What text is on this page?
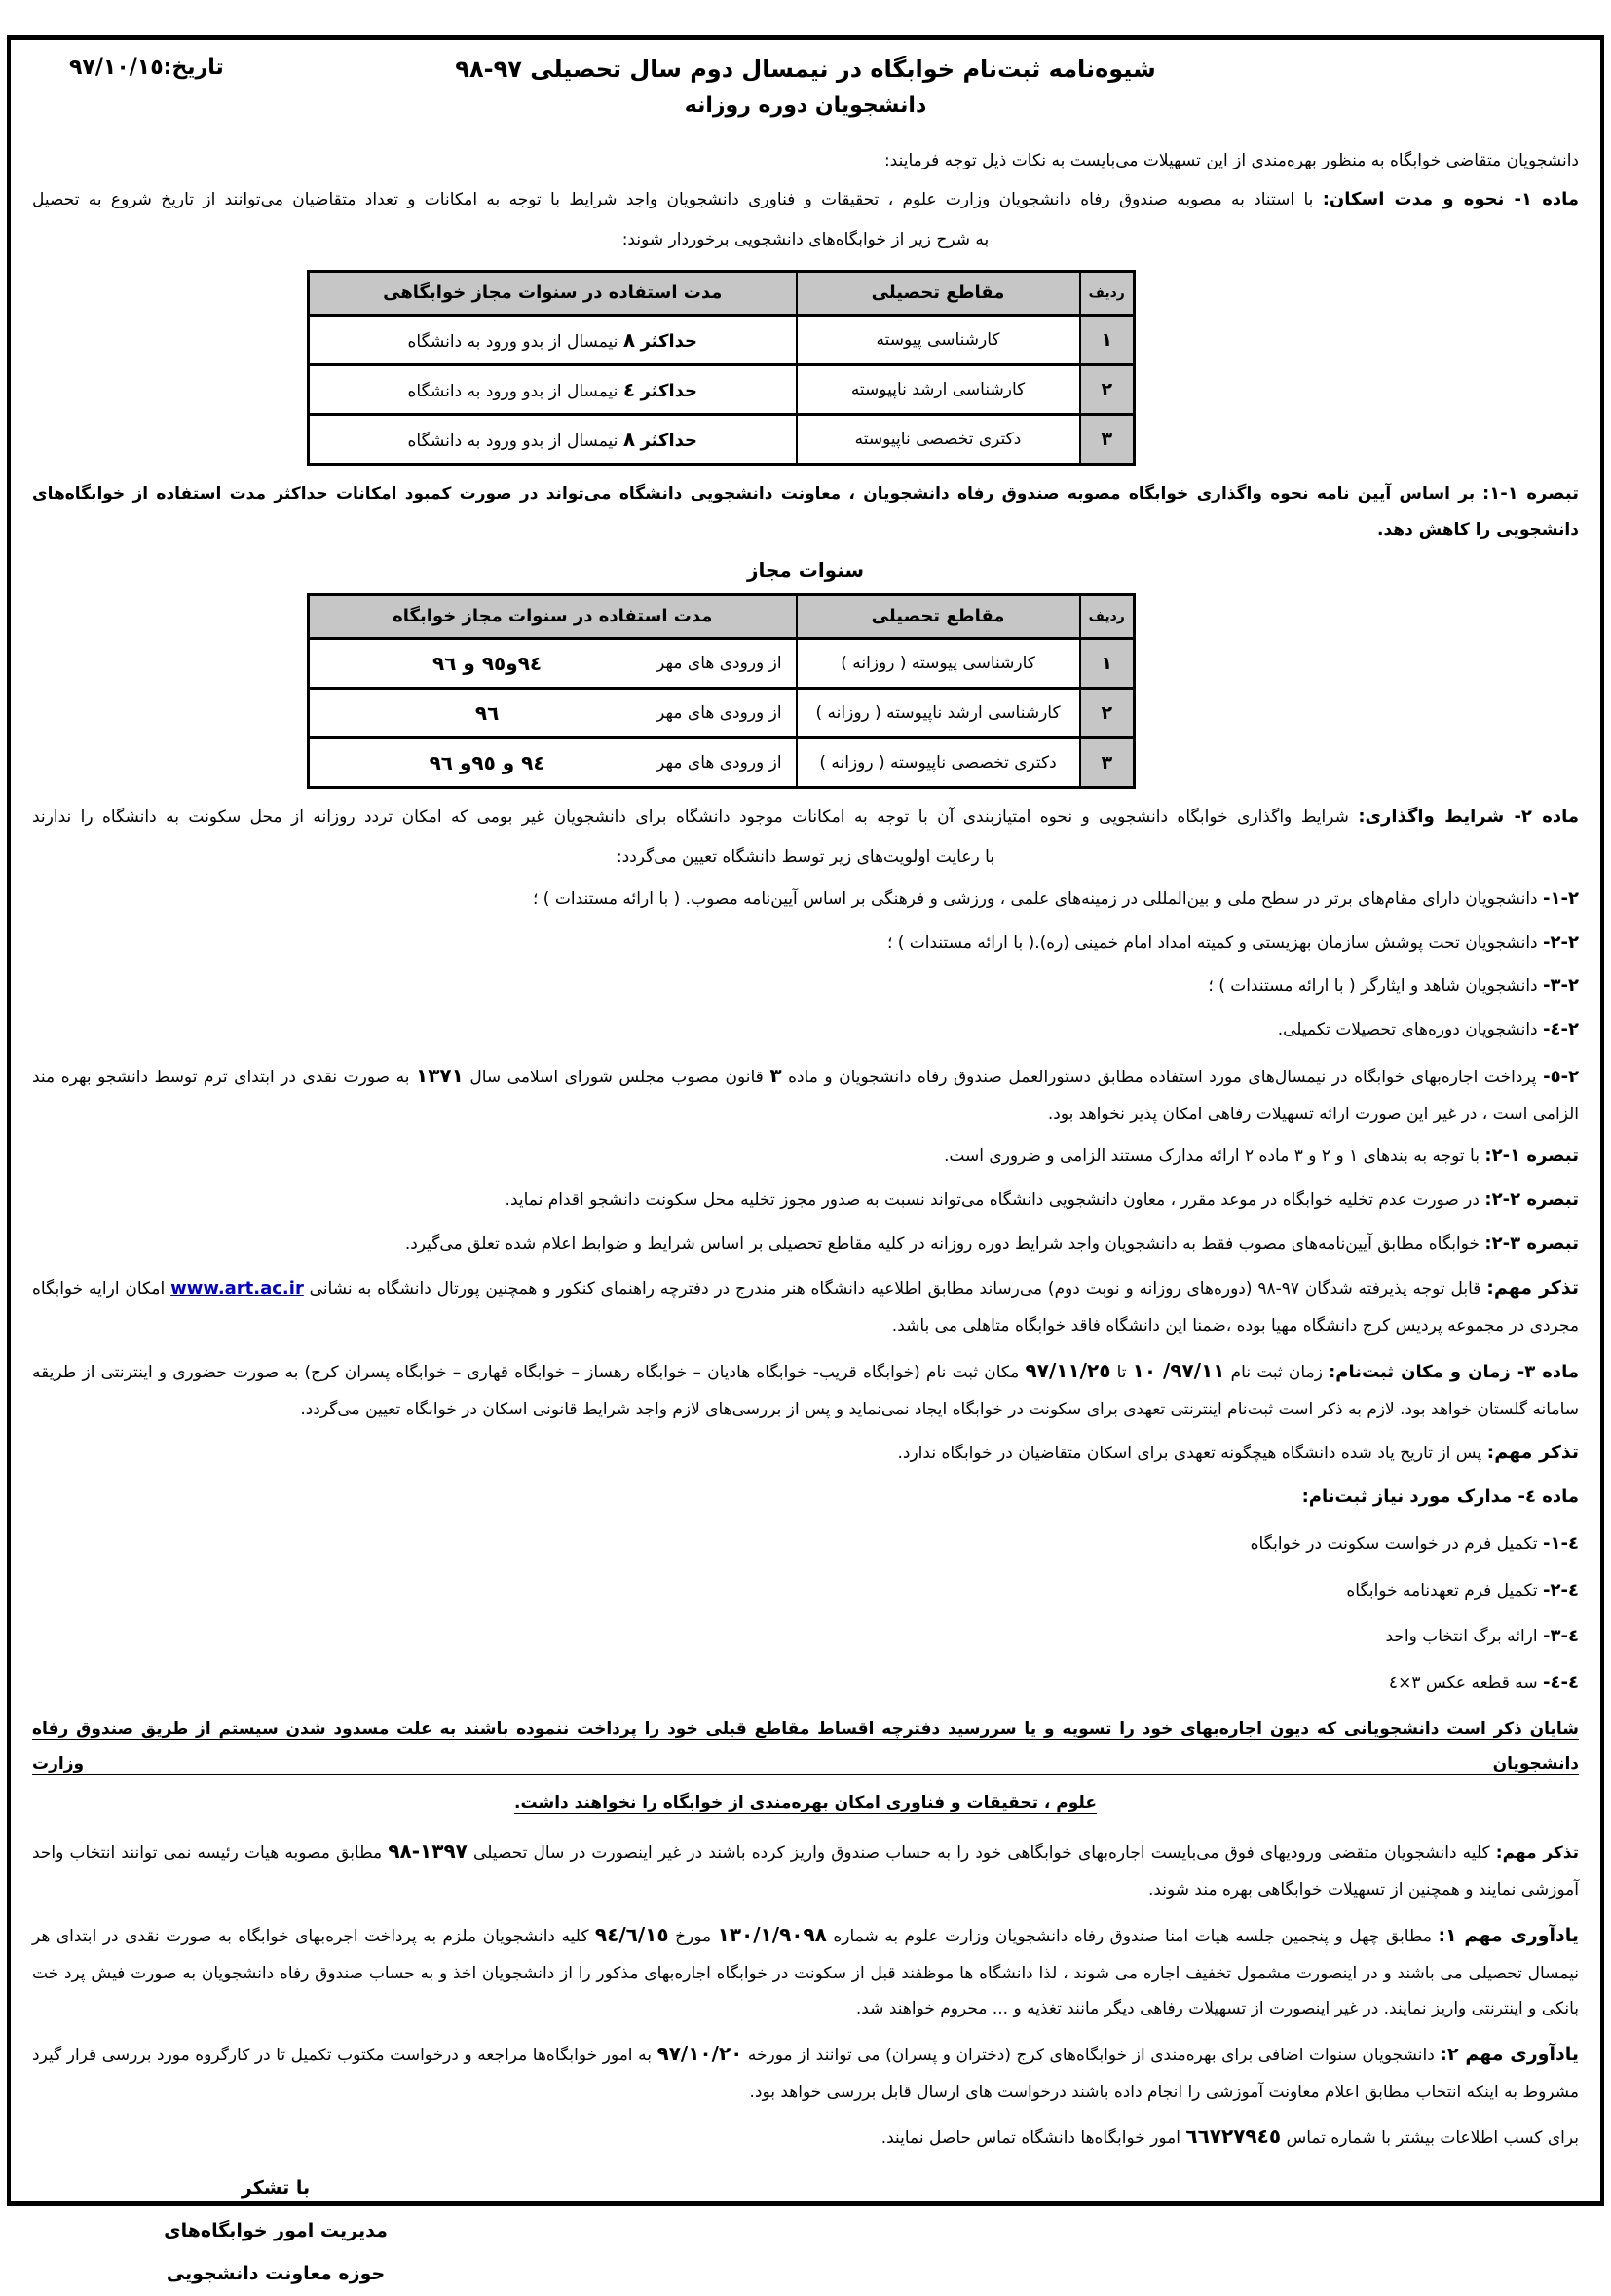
شیوه‌نامه ثبت‌نام خوابگاه در نیمسال دوم سال تحصیلی ٩٧-٩٨
تاریخ:٩٧/١٠/١٥
دانشجویان دوره روزانه
دانشجویان متقاضی خوابگاه به منظور بهره‌مندی از این تسهیلات می‌بایست به نکات ذیل توجه فرمایند:
ماده ١- نحوه و مدت اسکان: با استناد به مصوبه صندوق رفاه دانشجویان وزارت علوم ، تحقیقات و فناوری دانشجویان واجد شرایط با توجه به امکانات و تعداد متقاضیان می‌توانند از تاریخ شروع به تحصیل
به شرح زیر از خوابگاه‌های دانشجویی برخوردار شوند:
ردیف	مقاطع تحصیلی	مدت استفاده در سنوات مجاز خوابگاهی
١	کارشناسی پیوسته	حداکثر ٨ نیمسال از بدو ورود به دانشگاه
٢	کارشناسی ارشد ناپیوسته	حداکثر ٤ نیمسال از بدو ورود به دانشگاه
٣	دکتری تخصصی ناپیوسته	حداکثر ٨ نیمسال از بدو ورود به دانشگاه
تبصره ١-١: بر اساس آیین نامه نحوه واگذاری خوابگاه مصوبه صندوق رفاه دانشجویان ، معاونت دانشجویی دانشگاه می‌تواند در صورت کمبود امکانات حداکثر مدت استفاده از خوابگاه‌های دانشجویی را کاهش دهد.
سنوات مجاز
ردیف	مقاطع تحصیلی	مدت استفاده در سنوات مجاز خوابگاه
١	کارشناسی پیوسته ( روزانه )	از ورودی های مهر
٩٤و٩٥ و ٩٦

٢	کارشناسی ارشد ناپیوسته ( روزانه )	از ورودی های مهر
٩٦

٣	دکتری تخصصی ناپیوسته ( روزانه )	از ورودی های مهر
٩٤ و ٩٥و ٩٦
ماده ٢- شرایط واگذاری: شرایط واگذاری خوابگاه دانشجویی و نحوه امتیازبندی آن با توجه به امکانات موجود دانشگاه برای دانشجویان غیر بومی که امکان تردد روزانه از محل سکونت به دانشگاه را ندارند
با رعایت اولویت‌های زیر توسط دانشگاه تعیین می‌گردد:
٢-١- دانشجویان دارای مقام‌های برتر در سطح ملی و بین‌المللی در زمینه‌های علمی ، ورزشی و فرهنگی بر اساس آیین‌نامه مصوب. ( با ارائه مستندات ) ؛
٢-٢- دانشجویان تحت پوشش سازمان بهزیستی و کمیته امداد امام خمینی (ره).( با ارائه مستندات ) ؛
٢-٣- دانشجویان شاهد و ایثارگر ( با ارائه مستندات ) ؛
٢-٤- دانشجویان دوره‌های تحصیلات تکمیلی.
٢-٥- پرداخت اجاره‌بهای خوابگاه در نیمسال‌های مورد استفاده مطابق دستورالعمل صندوق رفاه دانشجویان و ماده ٣ قانون مصوب مجلس شورای اسلامی سال ١٣٧١ به صورت نقدی در ابتدای ترم توسط دانشجو بهره مند الزامی است ، در غیر این صورت ارائه تسهیلات رفاهی امکان پذیر نخواهد بود.
تبصره ١-٢: با توجه به بندهای ١ و ٢ و ٣ ماده ٢ ارائه مدارک مستند الزامی و ضروری است.
تبصره ٢-٢: در صورت عدم تخلیه خوابگاه در موعد مقرر ، معاون دانشجویی دانشگاه می‌تواند نسبت به صدور مجوز تخلیه محل سکونت دانشجو اقدام نماید.
تبصره ٣-٢: خوابگاه مطابق آیین‌نامه‌های مصوب فقط به دانشجویان واجد شرایط دوره روزانه در کلیه مقاطع تحصیلی بر اساس شرایط و ضوابط اعلام شده تعلق می‌گیرد.
تذکر مهم: قابل توجه پذیرفته شدگان ٩٧-٩٨ (دوره‌های روزانه و نوبت دوم) می‌رساند مطابق اطلاعیه دانشگاه هنر مندرج در دفترچه راهنمای کنکور و همچنین پورتال دانشگاه به نشانی www.art.ac.ir امکان ارایه خوابگاه مجردی در مجموعه پردیس کرج دانشگاه مهیا بوده ،ضمنا این دانشگاه فاقد خوابگاه متاهلی می باشد.
ماده ٣- زمان و مکان ثبت‌نام: زمان ثبت نام ٩٧/١١/ ١٠ تا ٩٧/١١/٢٥ مکان ثبت نام (خوابگاه قریب- خوابگاه هادیان – خوابگاه رهساز – خوابگاه قهاری – خوابگاه پسران کرج) به صورت حضوری و اینترنتی از طریقه سامانه گلستان خواهد بود. لازم به ذکر است ثبت‌نام اینترنتی تعهدی برای سکونت در خوابگاه ایجاد نمی‌نماید و پس از بررسی‌های لازم واجد شرایط قانونی اسکان در خوابگاه تعیین می‌گردد.
تذکر مهم: پس از تاریخ یاد شده دانشگاه هیچگونه تعهدی برای اسکان متقاضیان در خوابگاه ندارد.
ماده ٤- مدارک مورد نیاز ثبت‌نام:
٤-١- تکمیل فرم در خواست سکونت در خوابگاه
٤-٢- تکمیل فرم تعهدنامه خوابگاه
٤-٣- ارائه برگ انتخاب واحد
٤-٤- سه قطعه عکس ٣×٤
شایان ذکر است دانشجویانی که دیون اجاره‌بهای خود را تسویه و یا سررسید دفترچه اقساط مقاطع قبلی خود را پرداخت ننموده باشند به علت مسدود شدن سیستم از طریق صندوق رفاه دانشجویان وزارت
علوم ، تحقیقات و فناوری امکان بهره‌مندی از خوابگاه را نخواهند داشت.
تذکر مهم: کلیه دانشجویان متقضی ورودیهای فوق می‌بایست اجاره‌بهای خوابگاهی خود را به حساب صندوق واریز کرده باشند در غیر اینصورت در سال تحصیلی ١٣٩٧-٩٨ مطابق مصوبه هیات رئیسه نمی توانند انتخاب واحد آموزشی نمایند و همچنین از تسهیلات خوابگاهی بهره مند شوند.
یادآوری مهم ١: مطابق چهل و پنجمین جلسه هیات امنا صندوق رفاه دانشجویان وزارت علوم به شماره ١٣٠/١/٩٠٩٨ مورخ ٩٤/٦/١٥ کلیه دانشجویان ملزم به پرداخت اجره‌بهای خوابگاه به صورت نقدی در ابتدای هر نیمسال تحصیلی می باشند و در اینصورت مشمول تخفیف اجاره می شوند ، لذا دانشگاه ها موظفند قبل از سکونت در خوابگاه اجاره‌بهای مذکور را از دانشجویان اخذ و به حساب صندوق رفاه دانشجویان به صورت فیش پرد خت بانکی و اینترنتی واریز نمایند. در غیر اینصورت از تسهیلات رفاهی دیگر مانند تغذیه و ... محروم خواهند شد.
یادآوری مهم ٢: دانشجویان سنوات اضافی برای بهره‌مندی از خوابگاه‌های کرج (دختران و پسران) می توانند از مورخه ٩٧/١٠/٢٠ به امور خوابگاه‌ها مراجعه و درخواست مکتوب تکمیل تا در کارگروه مورد بررسی قرار گیرد مشروط به اینکه انتخاب مطابق اعلام معاونت آموزشی را انجام داده باشند درخواست های ارسال قابل بررسی خواهد بود.
برای کسب اطلاعات بیشتر با شماره تماس ٦٦٧٢٧٩٤٥ امور خوابگاه‌ها دانشگاه تماس حاصل نمایند.
با تشکر
مدیریت امور خوابگاه‌های
حوزه معاونت دانشجویی
